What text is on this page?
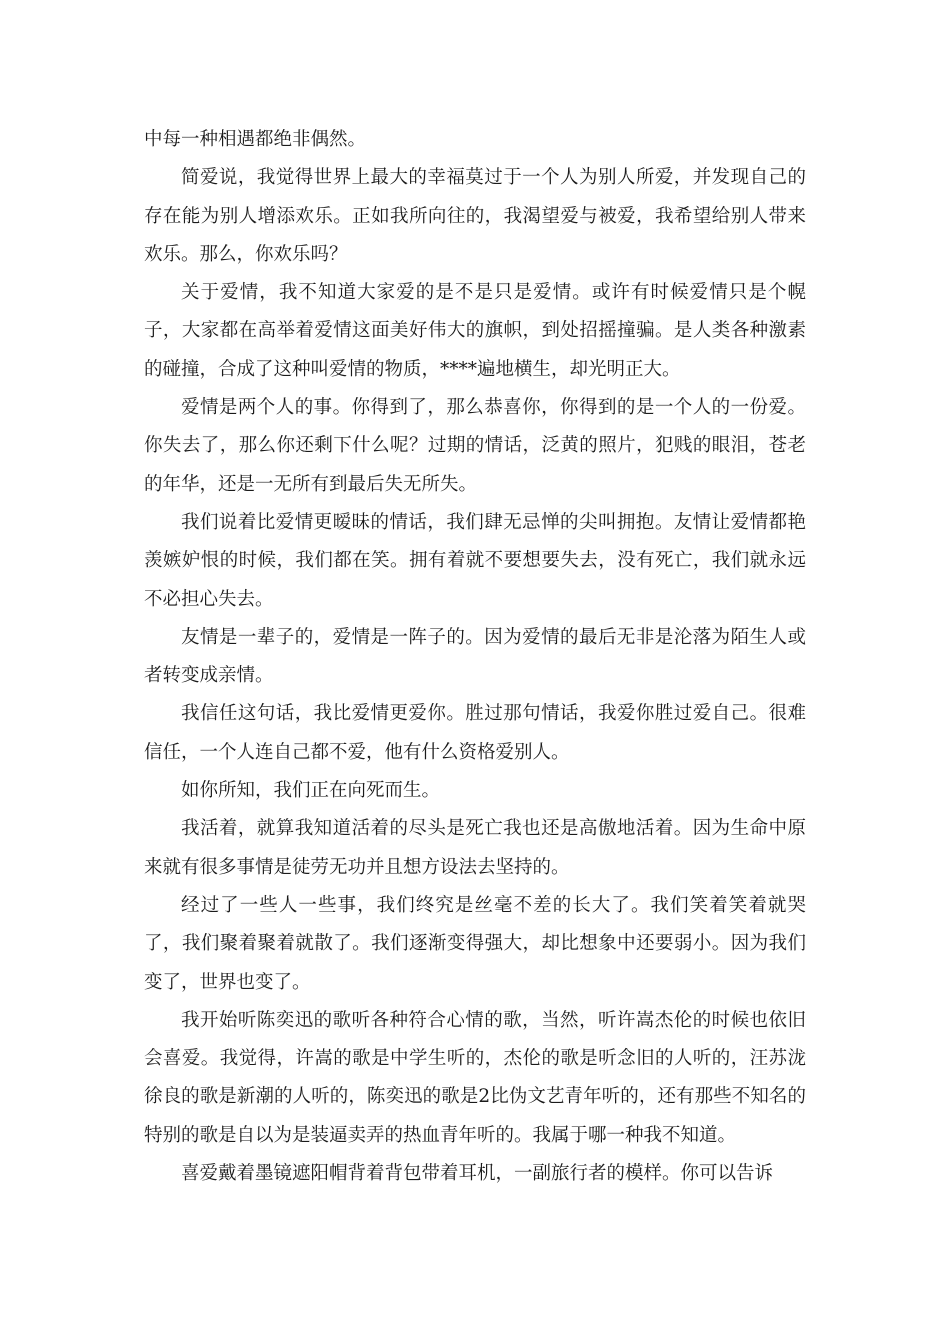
中每一种相遇都绝非偶然。

简爱说，我觉得世界上最大的幸福莫过于一个人为别人所爱，并发现自己的存在能为别人增添欢乐。正如我所向往的，我渴望爱与被爱，我希望给别人带来欢乐。那么，你欢乐吗？

关于爱情，我不知道大家爱的是不是只是爱情。或许有时候爱情只是个幌子，大家都在高举着爱情这面美好伟大的旗帜，到处招摇撞骗。是人类各种激素的碰撞，合成了这种叫爱情的物质，****遍地横生，却光明正大。

爱情是两个人的事。你得到了，那么恭喜你，你得到的是一个人的一份爱。你失去了，那么你还剩下什么呢？过期的情话，泛黄的照片，犯贱的眼泪，苍老的年华，还是一无所有到最后失无所失。

我们说着比爱情更暧昧的情话，我们肆无忌惮的尖叫拥抱。友情让爱情都艳羡嫉妒恨的时候，我们都在笑。拥有着就不要想要失去，没有死亡，我们就永远不必担心失去。

友情是一辈子的，爱情是一阵子的。因为爱情的最后无非是沦落为陌生人或者转变成亲情。

我信任这句话，我比爱情更爱你。胜过那句情话，我爱你胜过爱自己。很难信任，一个人连自己都不爱，他有什么资格爱别人。

如你所知，我们正在向死而生。

我活着，就算我知道活着的尽头是死亡我也还是高傲地活着。因为生命中原来就有很多事情是徒劳无功并且想方设法去坚持的。

经过了一些人一些事，我们终究是丝毫不差的长大了。我们笑着笑着就哭了，我们聚着聚着就散了。我们逐渐变得强大，却比想象中还要弱小。因为我们变了，世界也变了。

我开始听陈奕迅的歌听各种符合心情的歌，当然，听许嵩杰伦的时候也依旧会喜爱。我觉得，许嵩的歌是中学生听的，杰伦的歌是听念旧的人听的，汪苏泷徐良的歌是新潮的人听的，陈奕迅的歌是2比伪文艺青年听的，还有那些不知名的特别的歌是自以为是装逼卖弄的热血青年听的。我属于哪一种我不知道。

喜爱戴着墨镜遮阳帽背着背包带着耳机，一副旅行者的模样。你可以告诉
